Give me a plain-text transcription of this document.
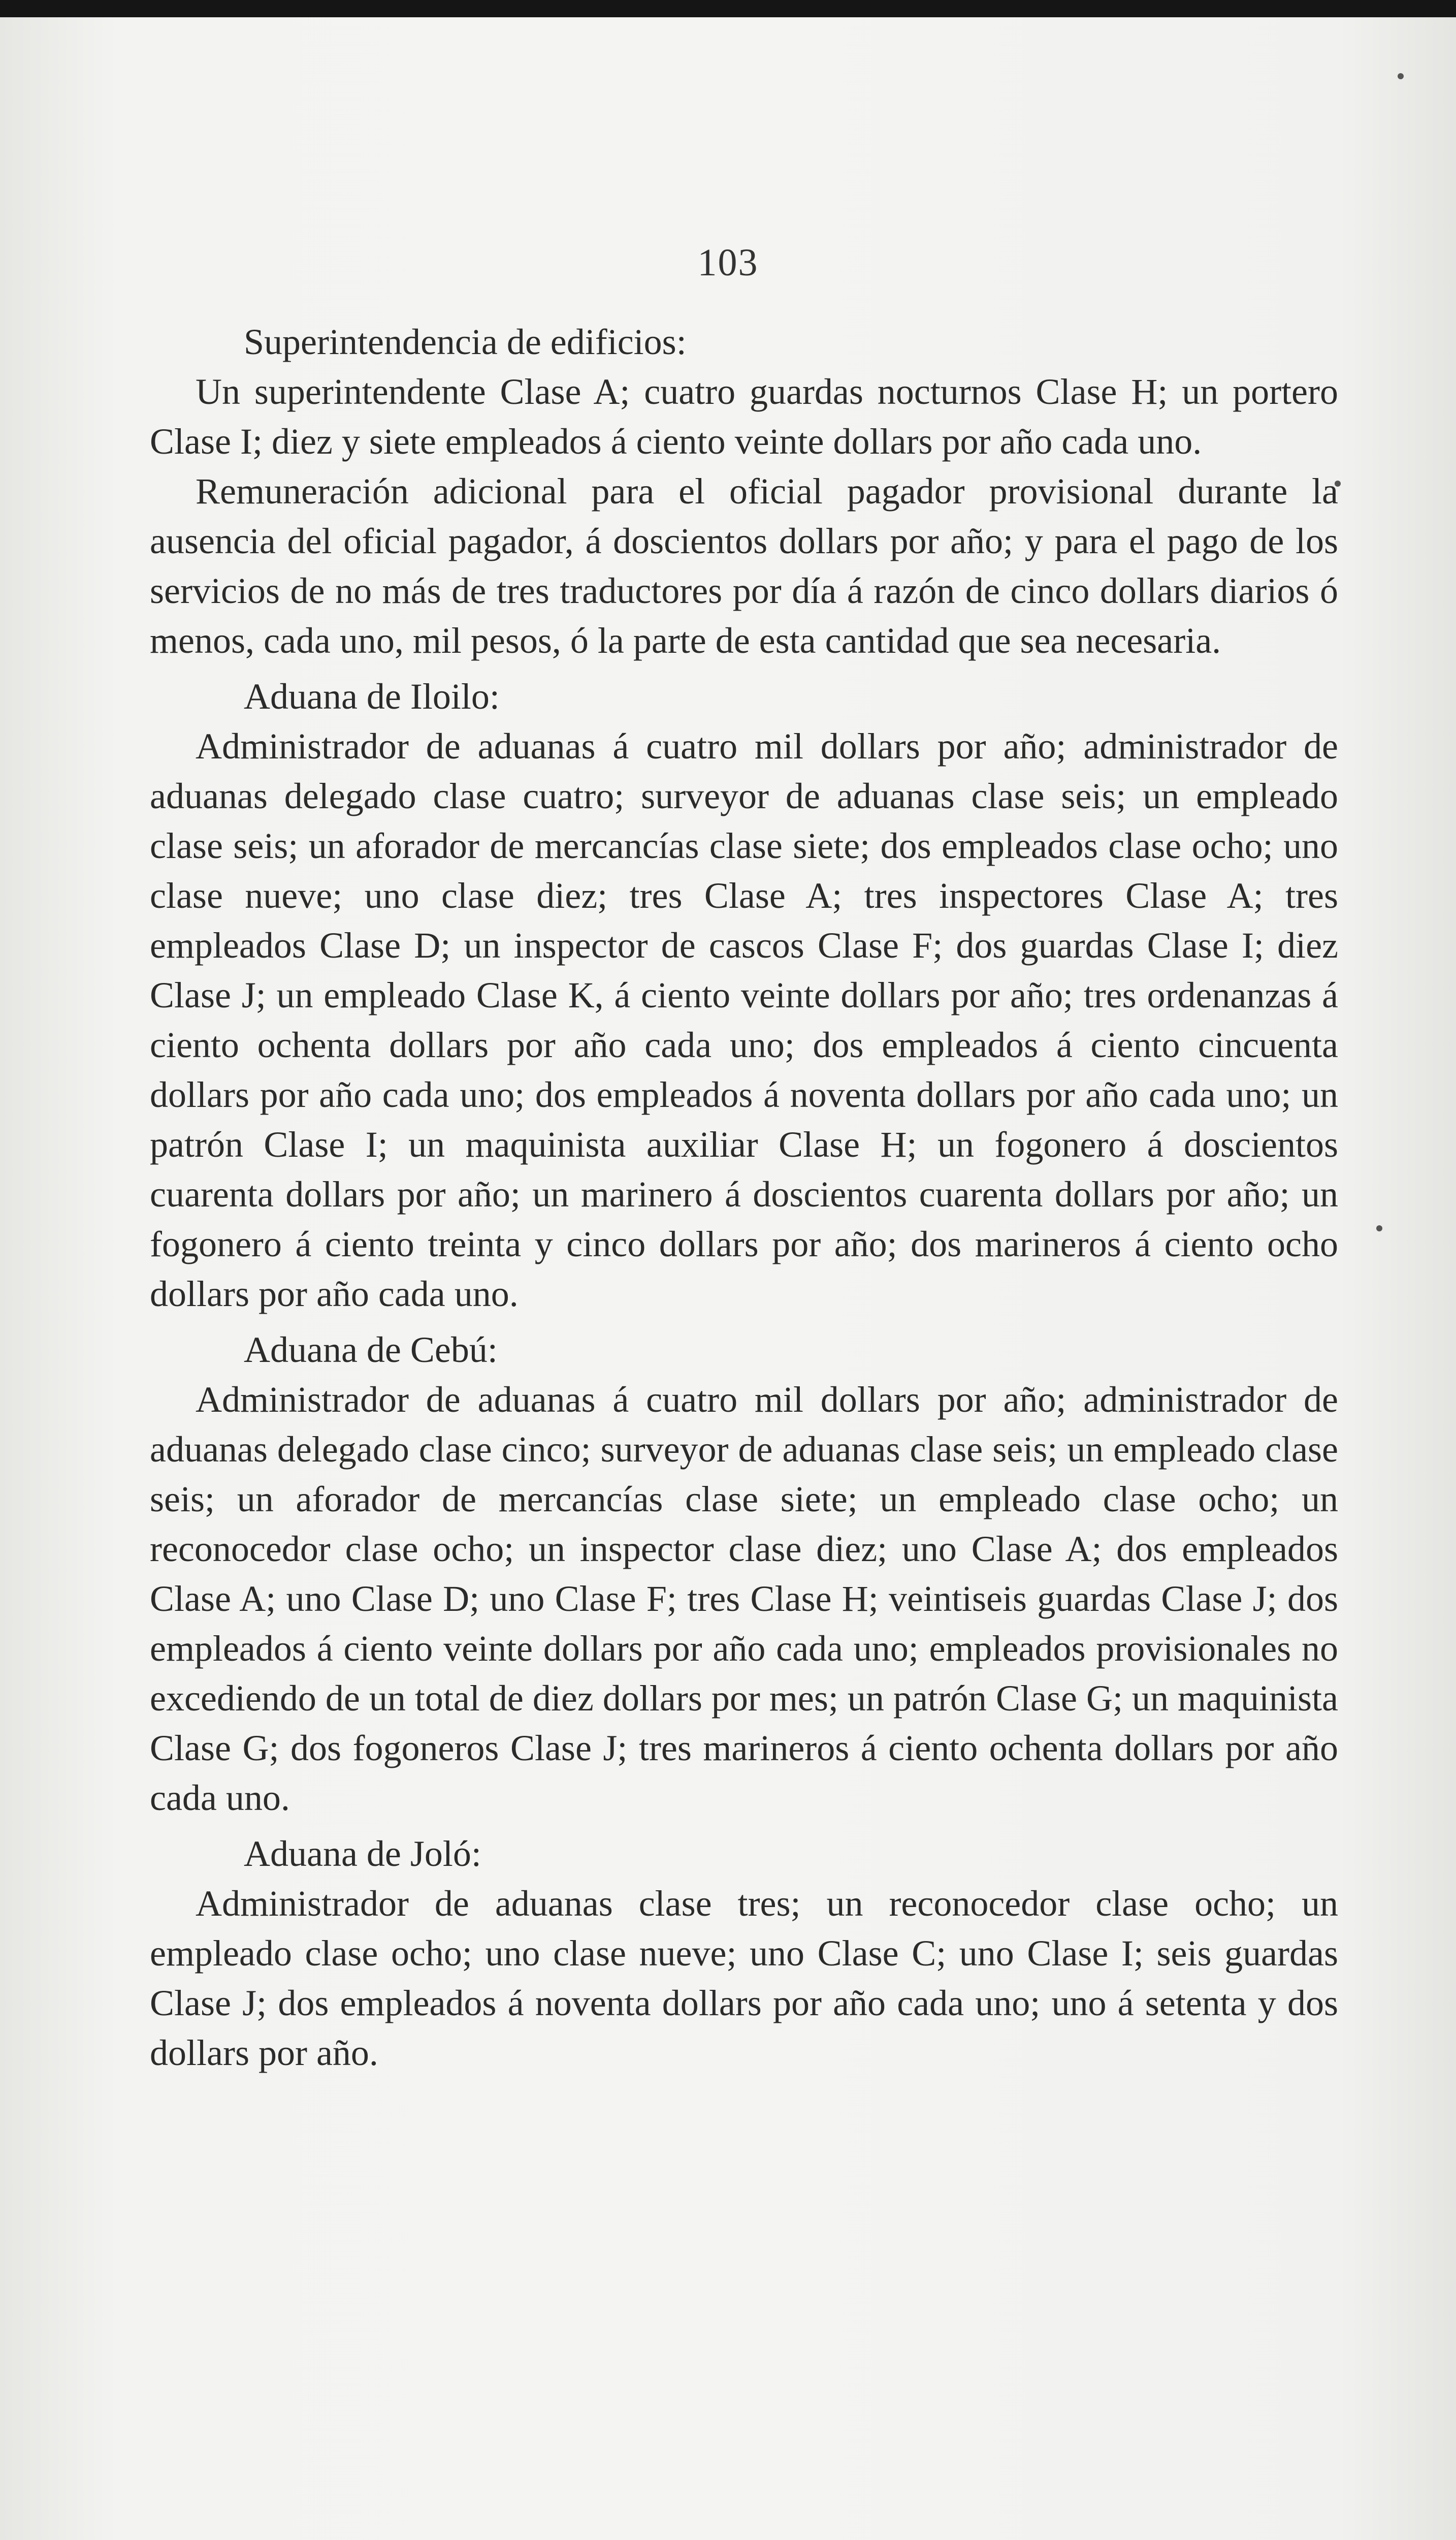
103

Superintendencia de edificios:

Un superintendente Clase A; cuatro guardas nocturnos Clase H; un portero Clase I; diez y siete empleados á ciento veinte dollars por año cada uno.

Remuneración adicional para el oficial pagador provisional durante la ausencia del oficial pagador, á doscientos dollars por año; y para el pago de los servicios de no más de tres traductores por día á razón de cinco dollars diarios ó menos, cada uno, mil pesos, ó la parte de esta cantidad que sea necesaria.

Aduana de Iloilo:

Administrador de aduanas á cuatro mil dollars por año; administrador de aduanas delegado clase cuatro; surveyor de aduanas clase seis; un empleado clase seis; un aforador de mercancías clase siete; dos empleados clase ocho; uno clase nueve; uno clase diez; tres Clase A; tres inspectores Clase A; tres empleados Clase D; un inspector de cascos Clase F; dos guardas Clase I; diez Clase J; un empleado Clase K, á ciento veinte dollars por año; tres ordenanzas á ciento ochenta dollars por año cada uno; dos empleados á ciento cincuenta dollars por año cada uno; dos empleados á noventa dollars por año cada uno; un patrón Clase I; un maquinista auxiliar Clase H; un fogonero á doscientos cuarenta dollars por año; un marinero á doscientos cuarenta dollars por año; un fogonero á ciento treinta y cinco dollars por año; dos marineros á ciento ocho dollars por año cada uno.

Aduana de Cebú:

Administrador de aduanas á cuatro mil dollars por año; administrador de aduanas delegado clase cinco; surveyor de aduanas clase seis; un empleado clase seis; un aforador de mercancías clase siete; un empleado clase ocho; un reconocedor clase ocho; un inspector clase diez; uno Clase A; dos empleados Clase A; uno Clase D; uno Clase F; tres Clase H; veintiseis guardas Clase J; dos empleados á ciento veinte dollars por año cada uno; empleados provisionales no excediendo de un total de diez dollars por mes; un patrón Clase G; un maquinista Clase G; dos fogoneros Clase J; tres marineros á ciento ochenta dollars por año cada uno.

Aduana de Joló:

Administrador de aduanas clase tres; un reconocedor clase ocho; un empleado clase ocho; uno clase nueve; uno Clase C; uno Clase I; seis guardas Clase J; dos empleados á noventa dollars por año cada uno; uno á setenta y dos dollars por año.
